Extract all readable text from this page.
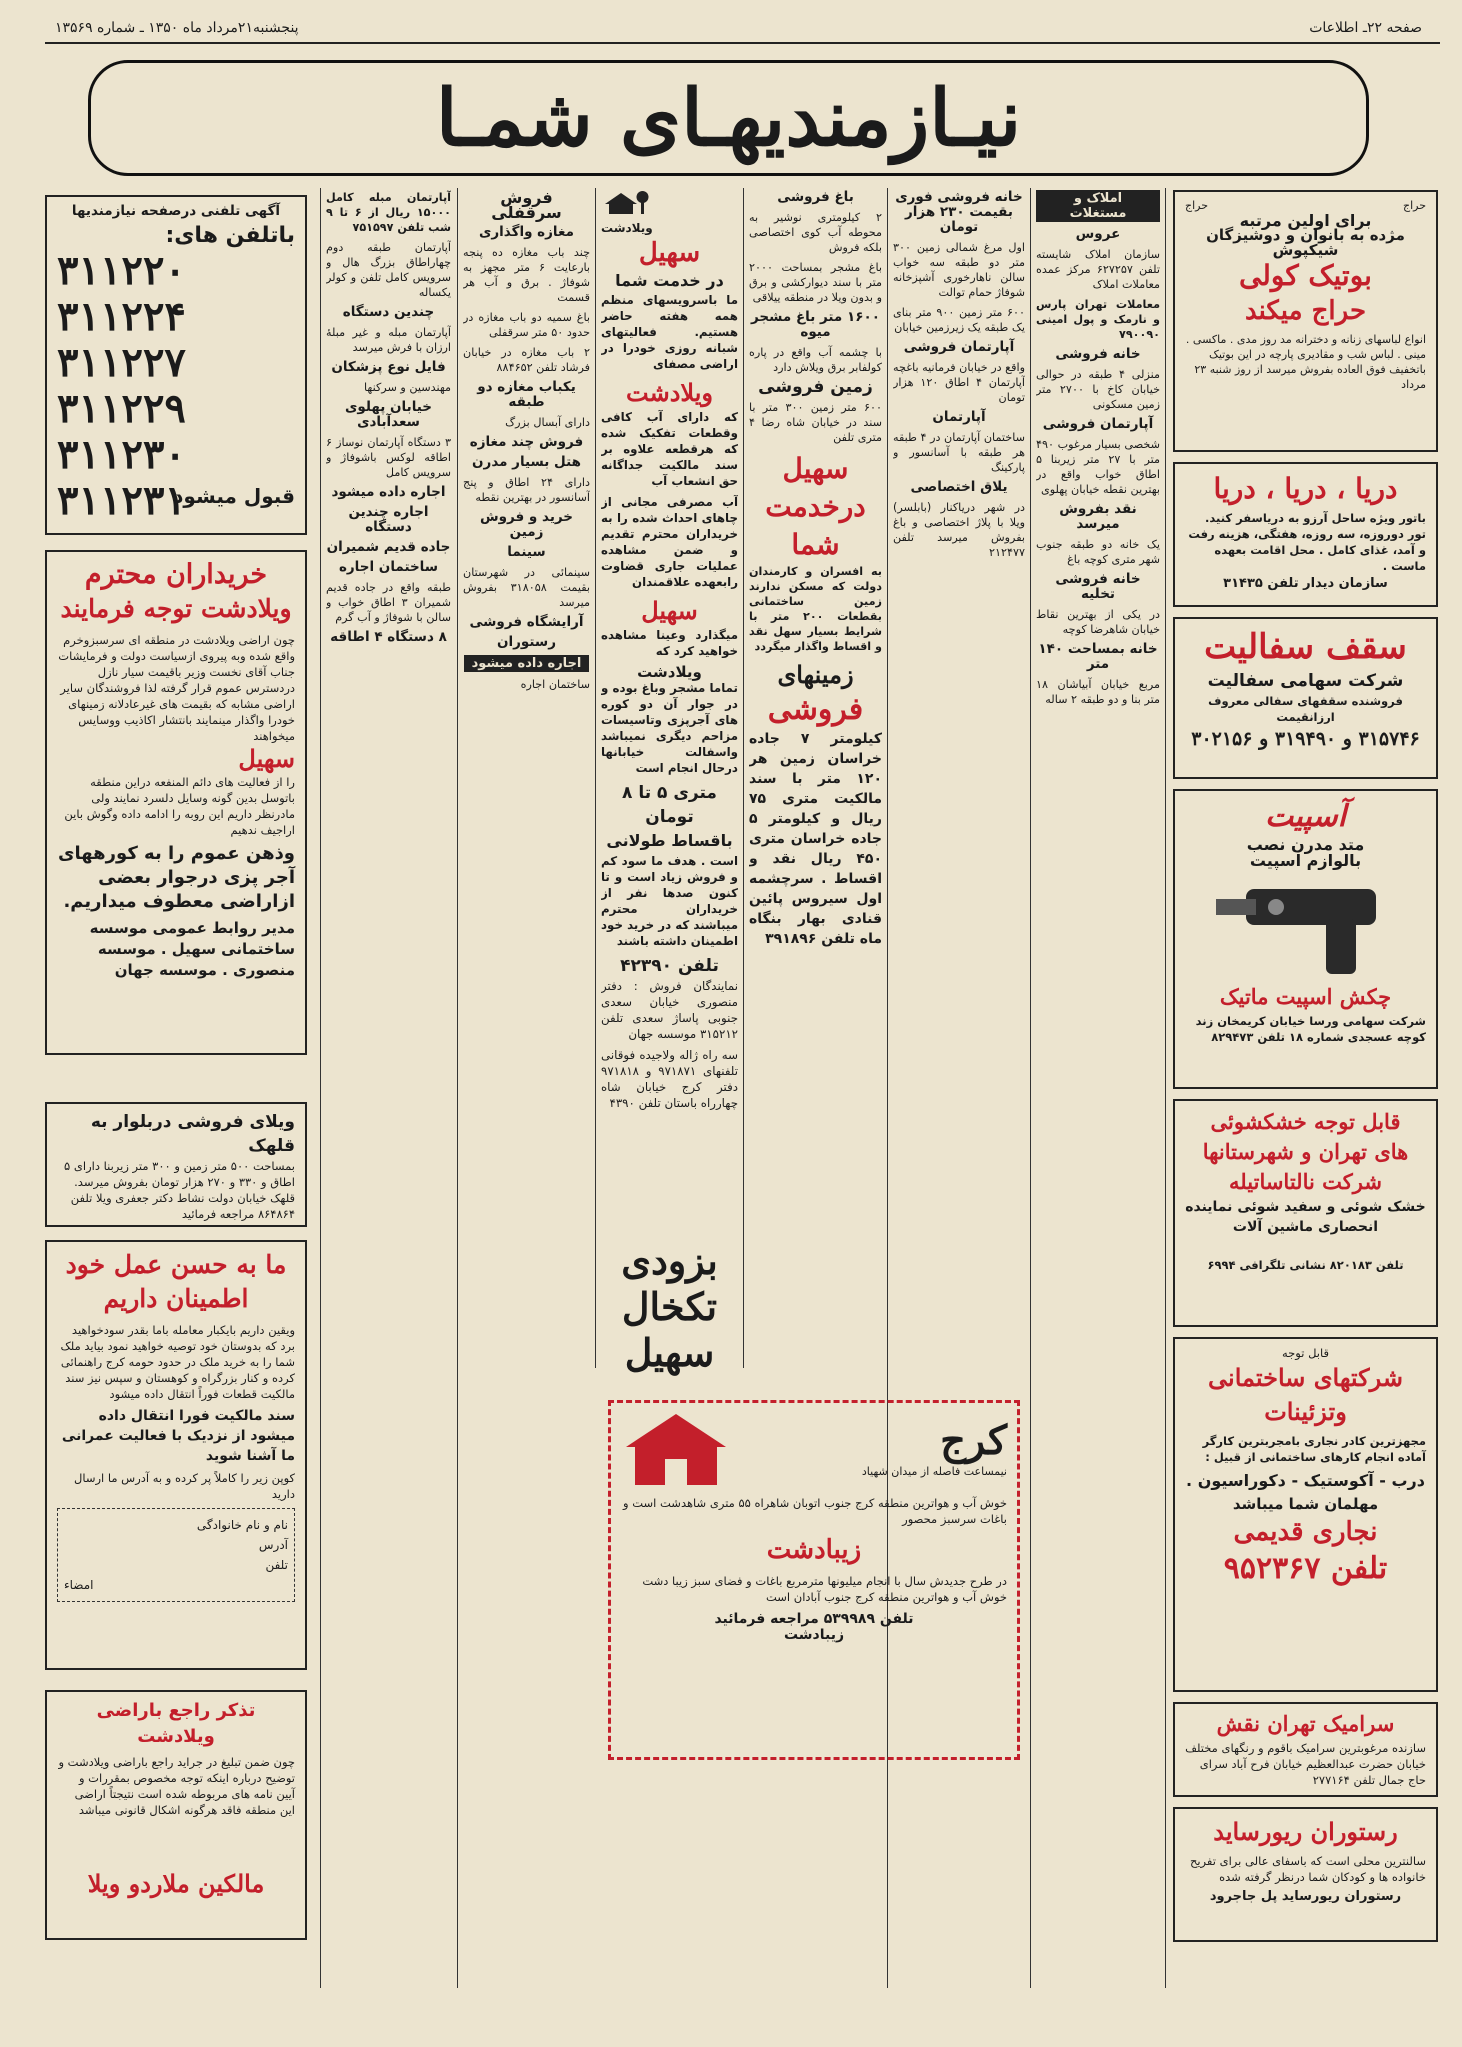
صفحه ۲۲ـ اطلاعات
پنجشنبه۲۱مرداد ماه ۱۳۵۰ ـ شماره ۱۳۵۶۹
نیـازمندیهـای شمـا
آگهی تلفنی درصفحه نیازمندیها
باتلفن های:
۳۱۱۲۲۰
۳۱۱۲۲۴
۳۱۱۲۲۷
۳۱۱۲۲۹
۳۱۱۲۳۰
۳۱۱۲۳۱
قبول میشود
خریداران محترم
ویلادشت توجه فرمایند

چون اراضی ویلادشت در منطقه ای سرسبزوخرم واقع شده وبه پیروی ازسیاست دولت و فرمایشات جناب آقای نخست وزیر باقیمت سیار نازل دردسترس عموم قرار گرفته لذا فروشندگان سایر اراضی مشابه که بقیمت های غیرعادلانه زمینهای خودرا واگذار مینمایند بانتشار اکاذیب ووسایس میخواهند

سهیل

را از فعالیت های دائم المنفعه دراین منطقه باتوسل بدین گونه وسایل دلسرد نمایند ولی مادرنظر داریم این روبه را ادامه داده وگوش باین اراجیف ندهیم

وذهن عموم را به کورههای آجر پزی درجوار بعضی ازاراضی معطوف میداریم.
مدیر روابط عمومی موسسه ساختمانی سهیل . موسسه منصوری . موسسه جهان
ویلای فروشی دربلوار به قلهک

بمساحت ۵۰۰ متر زمین و ۳۰۰ متر زیربنا دارای ۵ اطاق و ۳۳۰ و ۲۷۰ هزار تومان بفروش میرسد. قلهک خیابان دولت نشاط دکتر جعفری ویلا تلفن ۸۶۴۸۶۴ مراجعه فرمائید

ما به حسن عمل خود
اطمینان داریم

ویقین داریم بایکبار معامله باما بقدر سودخواهید برد که بدوستان خود توصیه خواهید نمود بیاید ملک شما را به خرید ملک در حدود حومه کرج راهنمائی کرده و کنار بزرگراه و کوهستان و سپس نیز سند مالکیت قطعات فوراً انتقال داده میشود

سند مالکیت فورا انتقال داده میشود از نزدیک با فعالیت عمرانی ما آشنا شوید

کوپن زیر را کاملاً پر کرده و به آدرس ما ارسال دارید

نام و نام خانوادگی
آدرس
تلفن
امضاء
تذکر راجع باراضی ویلادشت

چون ضمن تبلیغ در جراید راجع باراضی ویلادشت و توضیح درباره اینکه توجه مخصوص بمقررات و آیین نامه های مربوطه شده است نتیجتاً اراضی این منطقه فاقد هرگونه اشکال قانونی میباشد

مالکین ملاردو ویلا

آپارتمان مبله کامل ۱۵۰۰۰ ریال از ۶ تا ۹ شب تلفن ۷۵۱۵۹۷

آپارتمان طبقه دوم چهاراطاق بزرگ هال و سرویس کامل تلفن و کولر یکساله

چندین دستگاه

آپارتمان مبله و غیر مبلهٔ ارزان با فرش میرسد

فایل نوع پزشکان

مهندسین و سرکنها

خیابان پهلوی سعدآبادی

۳ دستگاه آپارتمان نوساز ۶ اطاقه لوکس باشوفاژ و سرویس کامل

اجاره داده میشود

اجاره چندین دستگاه

جاده قدیم شمیران

ساختمان اجاره

طبقه واقع در جاده قدیم شمیران ۳ اطاق خواب و سالن با شوفاژ و آب گرم

۸ دستگاه ۴ اطاقه

فروش سرقفلی

مغازه واگذاری

چند باب مغازه ده پنجه بارعایت ۶ متر مجهز به شوفاژ . برق و آب هر قسمت

باغ سمیه دو باب مغازه در حدود ۵۰ متر سرقفلی

۲ باب مغازه در خیابان فرشاد تلفن ۸۸۴۶۵۲

یکباب مغازه دو طبقه

دارای آبسال بزرگ

فروش چند مغازه

هتل بسیار مدرن

دارای ۲۴ اطاق و پنج آسانسور در بهترین نقطه

خرید و فروش زمین

سینما

سینمائی در شهرستان بقیمت ۳۱۸۰۵۸ بفروش میرسد

آرایشگاه فروشی

رستوران

اجاره داده میشود

ساختمان اجاره

ویلادشت
سهیل
در خدمت شما

ما باسرویسهای منظم همه هفته حاضر هستیم. فعالیتهای شبانه روزی خودرا در اراضی مصفای

ویلادشت

که دارای آب کافی وقطعات تفکیک شده که هرقطعه علاوه بر سند مالکیت جداگانه حق انشعاب آب

آب مصرفی مجانی از چاهای احداث شده را به خریداران محترم تقدیم و ضمن مشاهده عملیات جاری قضاوت رابعهده علاقمندان

سهیل

میگذارد وعینا مشاهده خواهید کرد که

ویلادشت

تماما مشجر وباغ بوده و در جوار آن دو کوره های آجرپزی وتاسیسات مزاحم دیگری نمیباشد واسفالت خیابانها درحال انجام است

متری ۵ تا ۸ تومان
باقساط طولانی

است . هدف ما سود کم و فروش زیاد است و تا کنون صدها نفر از خریداران محترم میباشند که در خرید خود اطمینان داشته باشند

تلفن ۴۲۳۹۰

نمایندگان فروش : دفتر منصوری خیابان سعدی جنوبی پاساژ سعدی تلفن ۳۱۵۲۱۲ موسسه جهان

سه راه ژاله ولاجیده فوقانی تلفنهای ۹۷۱۸۷۱ و ۹۷۱۸۱۸ دفتر کرج خیابان شاه چهارراه باستان تلفن ۴۳۹۰

بزودی
تکخال
سهیل

باغ فروشی

۲ کیلومتری نوشیر به محوطه آب کوی اختصاصی بلکه فروش

باغ مشجر بمساحت ۲۰۰۰ متر با سند دیوارکشی و برق و بدون ویلا در منطقه ییلاقی

۱۶۰۰ متر باغ مشجر میوه

با چشمه آب واقع در پاره کولفابر برق ویلاش دارد

زمین فروشی

۶۰۰ متر زمین ۳۰۰ متر با سند در خیابان شاه رضا ۴ متری تلفن

سهیل
درخدمت
شما

به افسران و کارمندان دولت که مسکن ندارند زمین ساختمانی بقطعات ۲۰۰ متر با شرایط بسیار سهل نقد و اقساط واگذار میگردد

زمینهای
فروشی

کیلومتر ۷ جاده خراسان زمین هر ۱۲۰ متر با سند مالکیت متری ۷۵ ریال و کیلومتر ۵ جاده خراسان متری ۴۵۰ ریال نقد و اقساط . سرچشمه اول سیروس پائین قنادی بهار بنگاه ماه تلفن ۳۹۱۸۹۶

خانه فروشی فوری بقیمت ۲۳۰ هزار تومان

اول مرغ شمالی زمین ۳۰۰ متر دو طبقه سه خواب سالن ناهارخوری آشپزخانه شوفاژ حمام توالت

۶۰۰ متر زمین ۹۰۰ متر بنای یک طبقه یک زیرزمین خیابان

آپارتمان فروشی

واقع در خیابان فرمانیه باغچه آپارتمان ۴ اطاق ۱۲۰ هزار تومان

آپارتمان

ساختمان آپارتمان در ۴ طبقه هر طبقه با آسانسور و پارکینگ

یلاق اختصاصی

در شهر دریاکنار (بابلسر) ویلا با پلاژ اختصاصی و باغ بفروش میرسد تلفن ۲۱۲۴۷۷

املاک و مستغلات

عروس

سازمان املاک شایسته تلفن ۶۲۷۲۵۷ مرکز عمده معاملات املاک

معاملات تهران پارس و نارمک و پول امینی ۷۹۰۰۹۰

خانه فروشی

منزلی ۴ طبقه در حوالی خیابان کاخ با ۲۷۰۰ متر زمین مسکونی

آپارتمان فروشی

شخصی بسیار مرغوب ۴۹۰ متر با ۲۷ متر زیربنا ۵ اطاق خواب واقع در بهترین نقطه خیابان پهلوی

نقد بفروش میرسد

یک خانه دو طبقه جنوب شهر متری کوچه باغ

خانه فروشی تخلیه

در یکی از بهترین نقاط خیابان شاهرضا کوچه

خانه بمساحت ۱۴۰ متر

مربع خیابان آبیاشان ۱۸ متر بنا و دو طبقه ۲ ساله

کرج
نیمساعت فاصله از میدان شهیاد

خوش آب و هواترین منطقه کرج جنوب اتوبان شاهراه ۵۵ متری شاهدشت است و باغات سرسبز محصور

زیبادشت

در طرح جدیدش سال با انجام میلیونها مترمربع باغات و فضای سبز زیبا دشت خوش آب و هواترین منطقه کرج جنوب آبادان است

تلفن ۵۳۹۹۸۹ مراجعه فرمائید
زیبادشت
حراج
حراج
برای اولین مرتبه
مژده به بانوان و دوشیزگان شیکپوش
بوتیک کولی
حراج میکند

انواع لباسهای زنانه و دخترانه مد روز مدی . ماکسی . مینی . لباس شب و مقادیری پارچه در این بوتیک باتخفیف فوق العاده بفروش میرسد از روز شنبه ۲۳ مرداد

دریا ، دریا ، دریا

باتور ویژه ساحل آرزو به دریاسفر کنید. تور دوروزه، سه روزه، هفتگی، هزینه رفت و آمد، غذای کامل . محل اقامت بعهده ماست .

سازمان دیدار تلفن ۳۱۴۳۵
سقف سفالیت
شرکت سهامی سفالیت
فروشنده سقفهای سفالی معروف ارزانقیمت
۳۱۵۷۴۶ و ۳۱۹۴۹۰ و ۳۰۲۱۵۶
آسپیت
متد مدرن نصب
بالوازم اسپیت
چکش اسپیت ماتیک

شرکت سهامی ورسا خیابان کریمخان زند کوچه عسجدی شماره ۱۸ تلفن ۸۲۹۴۷۳

قابل توجه خشکشوئی
های تهران و شهرستانها
شرکت نالتاساتیله
خشک شوئی و سفید شوئی نماینده انحصاری ماشین آلات
تلفن ۸۲۰۱۸۳ نشانی تلگرافی ۶۹۹۴
قابل توجه
شرکتهای ساختمانی
وتزئینات

مجهزترین کادر نجاری بامجربترین کارگر آماده انجام کارهای ساختمانی از قبیل :

درب - آکوستیک - دکوراسیون .
مهلمان شما میباشد
نجاری قدیمی
تلفن ۹۵۲۳۶۷
سرامیک تهران نقش

سازنده مرغوبترین سرامیک باقوم و رنگهای مختلف خیابان حضرت عبدالعظیم خیابان فرح آباد سرای حاج جمال تلفن ۲۷۷۱۶۴

رستوران ریورساید

سالنترین محلی است که باسفای عالی برای تفریح خانواده ها و کودکان شما درنظر گرفته شده

رستوران ریورساید پل جاجرود
